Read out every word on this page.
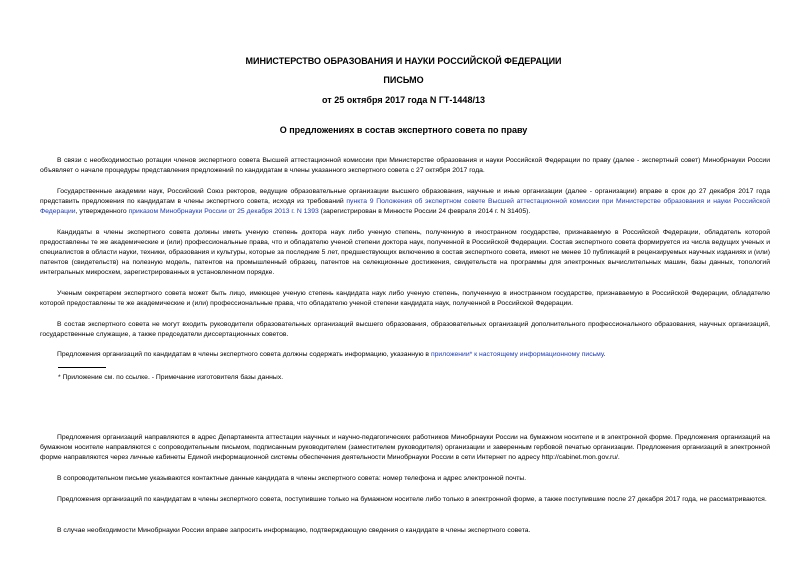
МИНИСТЕРСТВО ОБРАЗОВАНИЯ И НАУКИ РОССИЙСКОЙ ФЕДЕРАЦИИ
ПИСЬМО
от 25 октября 2017 года N ГТ-1448/13
О предложениях в состав экспертного совета по праву
В связи с необходимостью ротации членов экспертного совета Высшей аттестационной комиссии при Министерстве образования и науки Российской Федерации по праву (далее - экспертный совет) Минобрнауки России объявляет о начале процедуры представления предложений по кандидатам в члены указанного экспертного совета с 27 октября 2017 года.
Государственные академии наук, Российский Союз ректоров, ведущие образовательные организации высшего образования, научные и иные организации (далее - организации) вправе в срок до 27 декабря 2017 года представить предложения по кандидатам в члены экспертного совета, исходя из требований пункта 9 Положения об экспертном совете Высшей аттестационной комиссии при Министерстве образования и науки Российской Федерации, утвержденного приказом Минобрнауки России от 25 декабря 2013 г. N 1393 (зарегистрирован в Минюсте России 24 февраля 2014 г. N 31405).
Кандидаты в члены экспертного совета должны иметь ученую степень доктора наук либо ученую степень, полученную в иностранном государстве, признаваемую в Российской Федерации, обладатель которой предоставлены те же академические и (или) профессиональные права, что и обладателю ученой степени доктора наук, полученной в Российской Федерации. Состав экспертного совета формируется из числа ведущих ученых и специалистов в области науки, техники, образования и культуры, которые за последние 5 лет, предшествующих включению в состав экспертного совета, имеют не менее 10 публикаций в рецензируемых научных изданиях и (или) патентов (свидетельств) на полезную модель, патентов на промышленный образец, патентов на селекционные достижения, свидетельств на программы для электронных вычислительных машин, базы данных, топологий интегральных микросхем, зарегистрированных в установленном порядке.
Ученым секретарем экспертного совета может быть лицо, имеющее ученую степень кандидата наук либо ученую степень, полученную в иностранном государстве, признаваемую в Российской Федерации, обладателю которой предоставлены те же академические и (или) профессиональные права, что обладателю ученой степени кандидата наук, полученной в Российской Федерации.
В состав экспертного совета не могут входить руководители образовательных организаций высшего образования, образовательных организаций дополнительного профессионального образования, научных организаций, государственные служащие, а также председатели диссертационных советов.
Предложения организаций по кандидатам в члены экспертного совета должны содержать информацию, указанную в приложении* к настоящему информационному письму.
* Приложение см. по ссылке. - Примечание изготовителя базы данных.
Предложения организаций направляются в адрес Департамента аттестации научных и научно-педагогических работников Минобрнауки России на бумажном носителе и в электронной форме. Предложения организаций на бумажном носителе направляются с сопроводительным письмом, подписанным руководителем (заместителем руководителя) организации и заверенным гербовой печатью организации. Предложения организаций в электронной форме направляются через личные кабинеты Единой информационной системы обеспечения деятельности Минобрнауки России в сети Интернет по адресу http://cabinet.mon.gov.ru/.
В сопроводительном письме указываются контактные данные кандидата в члены экспертного совета: номер телефона и адрес электронной почты.
Предложения организаций по кандидатам в члены экспертного совета, поступившие только на бумажном носителе либо только в электронной форме, а также поступившие после 27 декабря 2017 года, не рассматриваются.
В случае необходимости Минобрнауки России вправе запросить информацию, подтверждающую сведения о кандидате в члены экспертного совета.
